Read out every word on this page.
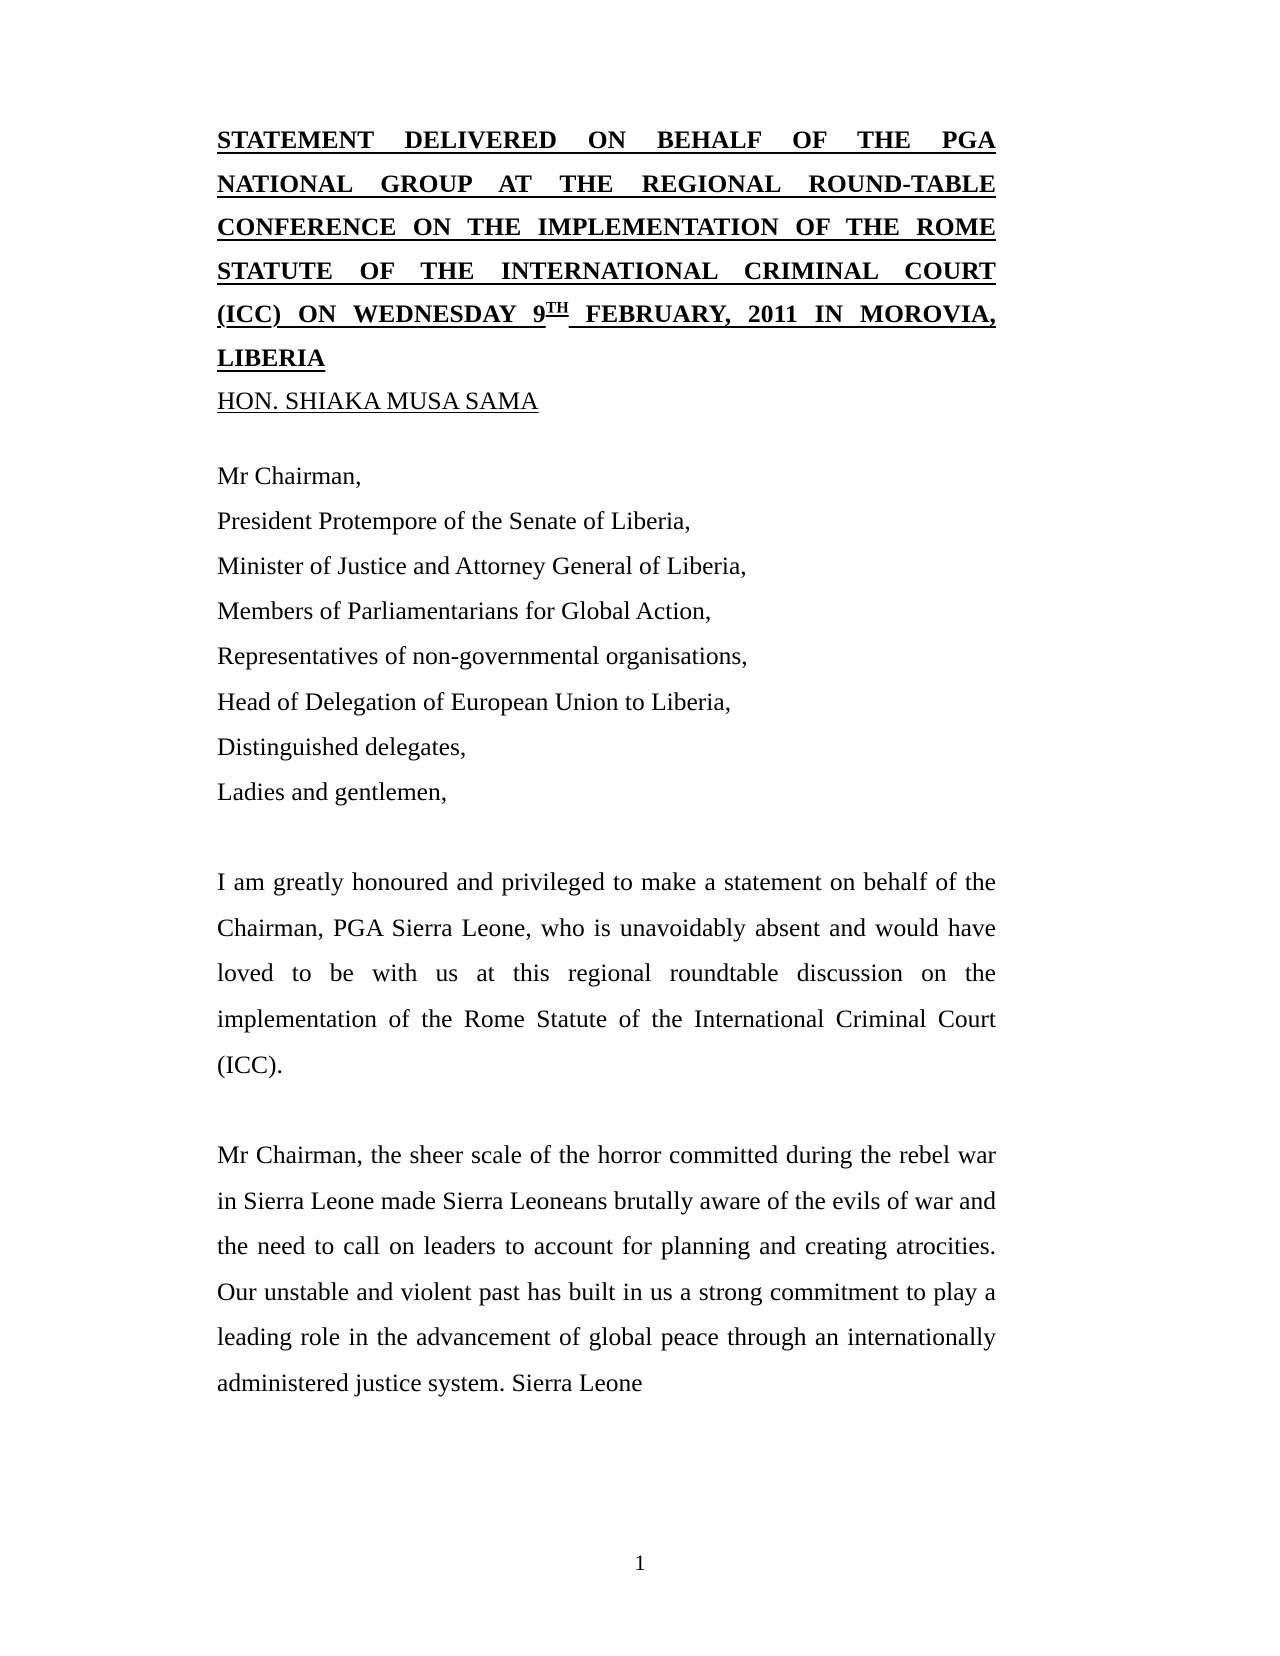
STATEMENT DELIVERED ON BEHALF OF THE PGA
NATIONAL GROUP AT THE REGIONAL ROUND-TABLE
CONFERENCE ON THE IMPLEMENTATION OF THE ROME
STATUTE OF THE INTERNATIONAL CRIMINAL COURT
(ICC) ON WEDNESDAY 9TH FEBRUARY, 2011 IN MOROVIA,
LIBERIA

HON. SHIAKA MUSA SAMA

Mr Chairman,
President Protempore of the Senate of Liberia,
Minister of Justice and Attorney General of Liberia,
Members of Parliamentarians for Global Action,
Representatives of non-governmental organisations,
Head of Delegation of European Union to Liberia,
Distinguished delegates,
Ladies and gentlemen,

I am greatly honoured and privileged to make a statement on behalf of the Chairman, PGA Sierra Leone, who is unavoidably absent and would have loved to be with us at this regional roundtable discussion on the implementation of the Rome Statute of the International Criminal Court (ICC).

Mr Chairman, the sheer scale of the horror committed during the rebel war in Sierra Leone made Sierra Leoneans brutally aware of the evils of war and the need to call on leaders to account for planning and creating atrocities. Our unstable and violent past has built in us a strong commitment to play a leading role in the advancement of global peace through an internationally administered justice system. Sierra Leone

1
